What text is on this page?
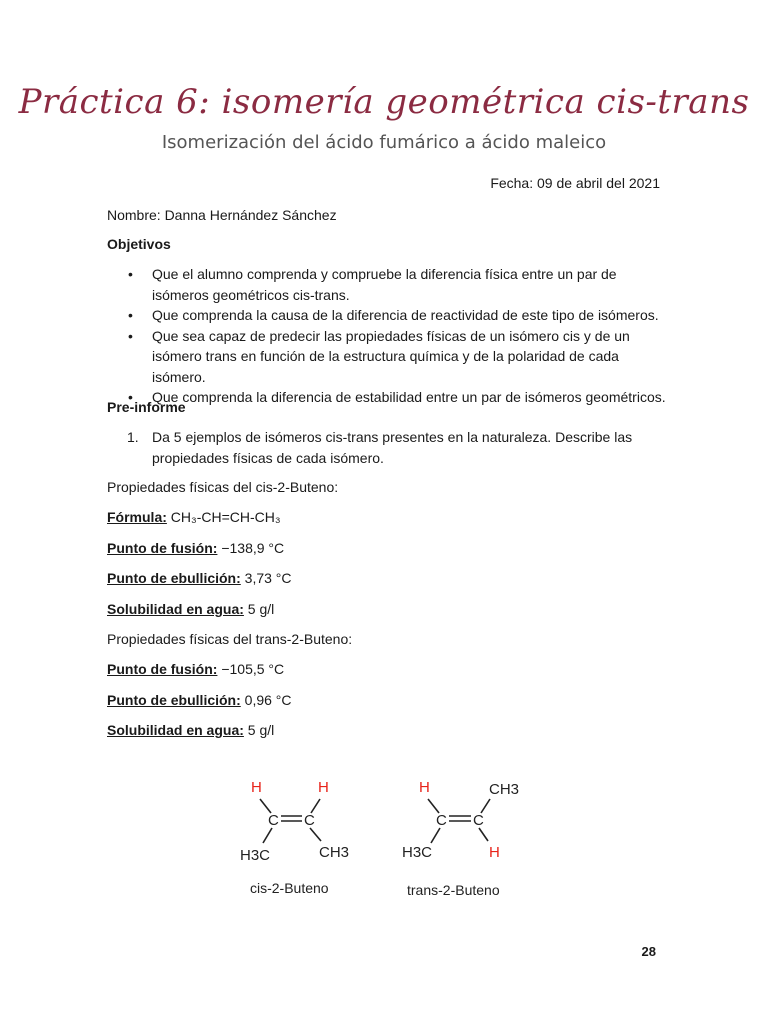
Práctica 6: isomería geométrica cis-trans
Isomerización del ácido fumárico a ácido maleico
Fecha: 09 de abril del 2021
Nombre: Danna Hernández Sánchez
Objetivos
• Que el alumno comprenda y compruebe la diferencia física entre un par de isómeros geométricos cis-trans.
• Que comprenda la causa de la diferencia de reactividad de este tipo de isómeros.
• Que sea capaz de predecir las propiedades físicas de un isómero cis y de un isómero trans en función de la estructura química y de la polaridad de cada isómero.
• Que comprenda la diferencia de estabilidad entre un par de isómeros geométricos.
Pre-informe
1. Da 5 ejemplos de isómeros cis-trans presentes en la naturaleza. Describe las propiedades físicas de cada isómero.
Propiedades físicas del cis-2-Buteno:
Fórmula: CH₃-CH=CH-CH₃
Punto de fusión: −138,9 °C
Punto de ebullición: 3,73 °C
Solubilidad en agua: 5 g/l
Propiedades físicas del trans-2-Buteno:
Punto de fusión: −105,5 °C
Punto de ebullición: 0,96 °C
Solubilidad en agua: 5 g/l
H	H
C C
H3C	CH3
cis-2-Buteno
H	CH3
C C
H3C	H
trans-2-Buteno
28
